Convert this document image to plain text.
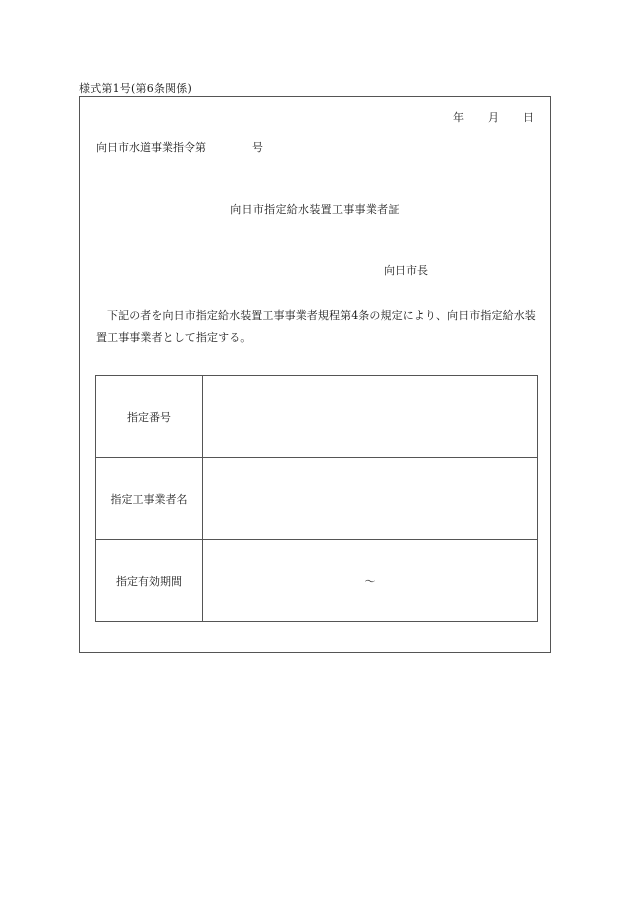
様式第1号(第6条関係)
年 月 日
向日市水道事業指令第	号
向日市指定給水装置工事事業者証
向日市長
下記の者を向日市指定給水装置工事事業者規程第4条の規定により、向日市指定給水装置工事事業者として指定する。
指定番号	
指定工事業者名	
指定有効期間	～
